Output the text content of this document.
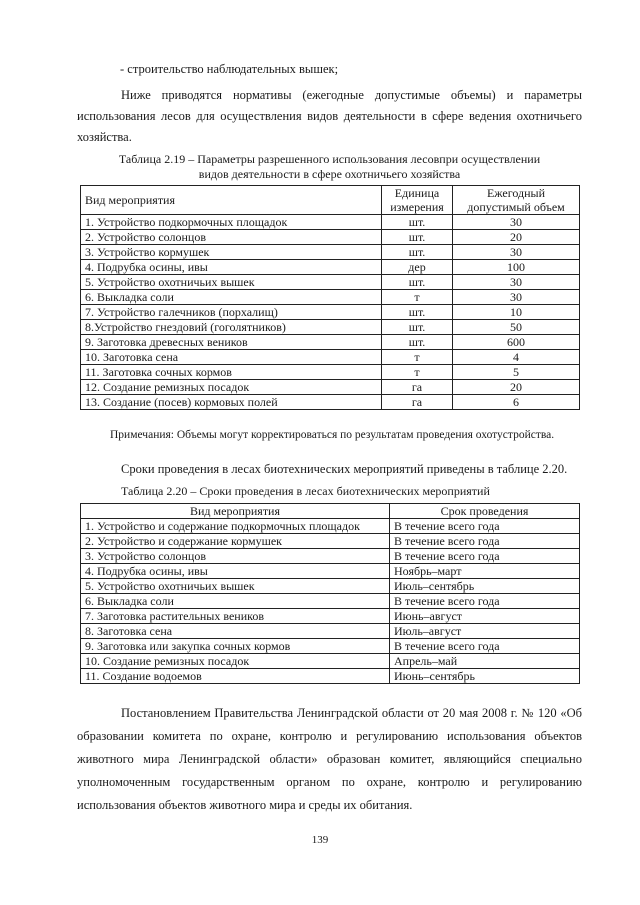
- строительство наблюдательных вышек;
Ниже приводятся нормативы (ежегодные допустимые объемы) и параметры использования лесов для осуществления видов деятельности в сфере ведения охотничьего хозяйства.
Таблица 2.19 – Параметры разрешенного использования лесовпри осуществлении
видов деятельности в сфере охотничьего хозяйства
Вид мероприятия	Единица измерения	Ежегодный допустимый объем
1. Устройство подкормочных площадок	шт.	30
2. Устройство солонцов	шт.	20
3. Устройство кормушек	шт.	30
4. Подрубка осины, ивы	дер	100
5. Устройство охотничьих вышек	шт.	30
6. Выкладка соли	т	30
7. Устройство галечников (порхалищ)	шт.	10
8.Устройство гнездовий (гоголятников)	шт.	50
9. Заготовка древесных веников	шт.	600
10. Заготовка сена	т	4
11. Заготовка сочных кормов	т	5
12. Создание ремизных посадок	га	20
13. Создание (посев) кормовых полей	га	6
Примечания: Объемы могут корректироваться по результатам проведения охотустройства.
Сроки проведения в лесах биотехнических мероприятий приведены в таблице 2.20.
Таблица 2.20 – Сроки проведения в лесах биотехнических мероприятий
Вид мероприятия	Срок проведения
1. Устройство и содержание подкормочных площадок	В течение всего года
2. Устройство и содержание кормушек	В течение всего года
3. Устройство солонцов	В течение всего года
4. Подрубка осины, ивы	Ноябрь–март
5. Устройство охотничьих вышек	Июль–сентябрь
6. Выкладка соли	В течение всего года
7. Заготовка растительных веников	Июнь–август
8. Заготовка сена	Июль–август
9. Заготовка или закупка сочных кормов	В течение всего года
10. Создание ремизных посадок	Апрель–май
11. Создание водоемов	Июнь–сентябрь
Постановлением Правительства Ленинградской области от 20 мая 2008 г. № 120 «Об образовании комитета по охране, контролю и регулированию использования объектов животного мира Ленинградской области» образован комитет, являющийся специально уполномоченным государственным органом по охране, контролю и регулированию использования объектов животного мира и среды их обитания.
139
